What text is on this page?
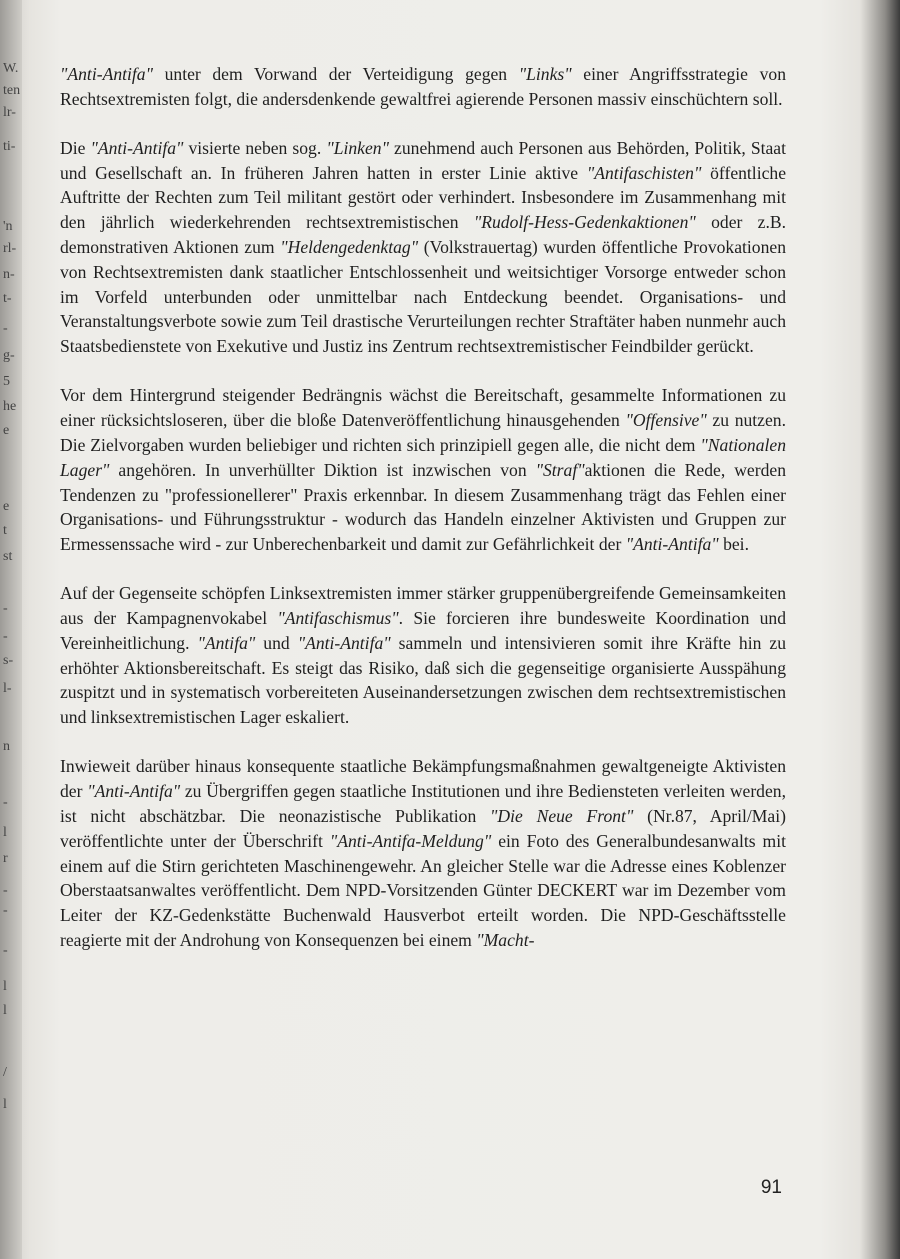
W.
ten
lr-
ti-
'n
rl-
n-
t-
-
g-
5
he
e
e
t
st
-
-
s-
l-
n
-
l
r
-
-
-
l
l
/
l

"Anti-Antifa" unter dem Vorwand der Verteidigung gegen "Links" einer Angriffsstrategie von Rechtsextremisten folgt, die andersdenkende gewaltfrei agierende Personen massiv einschüchtern soll.

Die "Anti-Antifa" visierte neben sog. "Linken" zunehmend auch Personen aus Behörden, Politik, Staat und Gesellschaft an. In früheren Jahren hatten in erster Linie aktive "Antifaschisten" öffentliche Auftritte der Rechten zum Teil militant gestört oder verhindert. Insbesondere im Zusammenhang mit den jährlich wiederkehrenden rechtsextremistischen "Rudolf-Hess-Gedenkaktionen" oder z.B. demonstrativen Aktionen zum "Heldengedenktag" (Volkstrauertag) wurden öffentliche Provokationen von Rechtsextremisten dank staatlicher Entschlossenheit und weitsichtiger Vorsorge entweder schon im Vorfeld unterbunden oder unmittelbar nach Entdeckung beendet. Organisations- und Veranstaltungsverbote sowie zum Teil drastische Verurteilungen rechter Straftäter haben nunmehr auch Staatsbedienstete von Exekutive und Justiz ins Zentrum rechtsextremistischer Feindbilder gerückt.

Vor dem Hintergrund steigender Bedrängnis wächst die Bereitschaft, gesammelte Informationen zu einer rücksichtsloseren, über die bloße Datenveröffentlichung hinausgehenden "Offensive" zu nutzen. Die Zielvorgaben wurden beliebiger und richten sich prinzipiell gegen alle, die nicht dem "Nationalen Lager" angehören. In unverhüllter Diktion ist inzwischen von "Straf"aktionen die Rede, werden Tendenzen zu "professionellerer" Praxis erkennbar. In diesem Zusammenhang trägt das Fehlen einer Organisations- und Führungsstruktur - wodurch das Handeln einzelner Aktivisten und Gruppen zur Ermessenssache wird - zur Unberechenbarkeit und damit zur Gefährlichkeit der "Anti-Antifa" bei.

Auf der Gegenseite schöpfen Linksextremisten immer stärker gruppenübergreifende Gemeinsamkeiten aus der Kampagnenvokabel "Antifaschismus". Sie forcieren ihre bundesweite Koordination und Vereinheitlichung. "Antifa" und "Anti-Antifa" sammeln und intensivieren somit ihre Kräfte hin zu erhöhter Aktionsbereitschaft. Es steigt das Risiko, daß sich die gegenseitige organisierte Ausspähung zuspitzt und in systematisch vorbereiteten Auseinandersetzungen zwischen dem rechtsextremistischen und linksextremistischen Lager eskaliert.

Inwieweit darüber hinaus konsequente staatliche Bekämpfungsmaßnahmen gewaltgeneigte Aktivisten der "Anti-Antifa" zu Übergriffen gegen staatliche Institutionen und ihre Bediensteten verleiten werden, ist nicht abschätzbar. Die neonazistische Publikation "Die Neue Front" (Nr.87, April/Mai) veröffentlichte unter der Überschrift "Anti-Antifa-Meldung" ein Foto des Generalbundesanwalts mit einem auf die Stirn gerichteten Maschinengewehr. An gleicher Stelle war die Adresse eines Koblenzer Oberstaatsanwaltes veröffentlicht. Dem NPD-Vorsitzenden Günter DECKERT war im Dezember vom Leiter der KZ-Gedenkstätte Buchenwald Hausverbot erteilt worden. Die NPD-Geschäftsstelle reagierte mit der Androhung von Konsequenzen bei einem "Macht-

91
